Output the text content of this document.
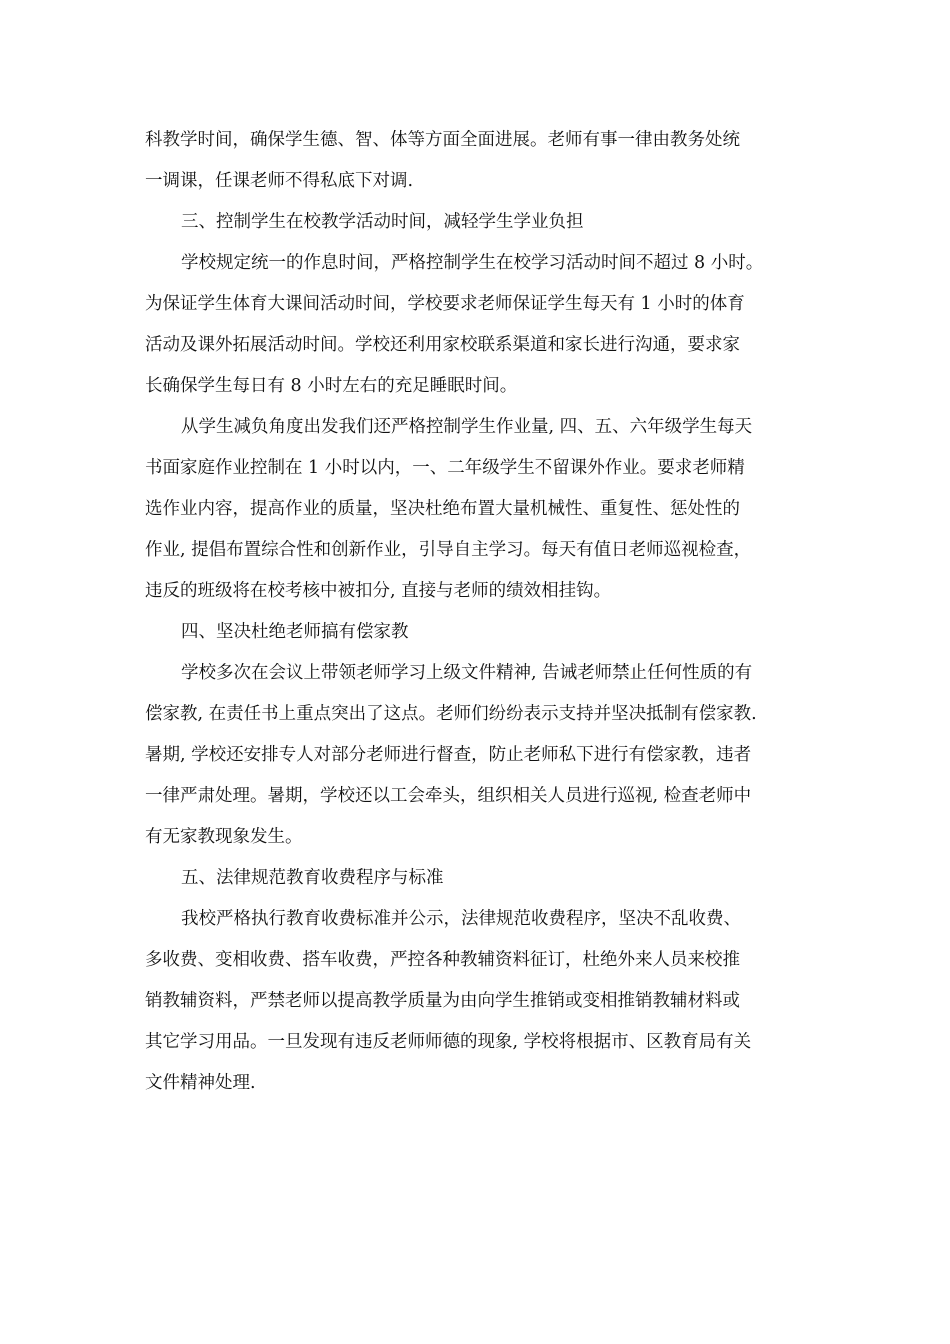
科教学时间，确保学生德、智、体等方面全面进展。老师有事一律由教务处统
一调课，任课老师不得私底下对调.
三、控制学生在校教学活动时间，减轻学生学业负担
学校规定统一的作息时间，严格控制学生在校学习活动时间不超过 8 小时。
为保证学生体育大课间活动时间，学校要求老师保证学生每天有 1 小时的体育
活动及课外拓展活动时间。学校还利用家校联系渠道和家长进行沟通，要求家
长确保学生每日有 8 小时左右的充足睡眠时间。
从学生减负角度出发我们还严格控制学生作业量, 四、五、六年级学生每天
书面家庭作业控制在 1 小时以内，一、二年级学生不留课外作业。要求老师精
选作业内容，提高作业的质量，坚决杜绝布置大量机械性、重复性、惩处性的
作业, 提倡布置综合性和创新作业，引导自主学习。每天有值日老师巡视检查，
违反的班级将在校考核中被扣分, 直接与老师的绩效相挂钩。
四、坚决杜绝老师搞有偿家教
学校多次在会议上带领老师学习上级文件精神, 告诫老师禁止任何性质的有
偿家教, 在责任书上重点突出了这点。老师们纷纷表示支持并坚决抵制有偿家教.
暑期, 学校还安排专人对部分老师进行督查，防止老师私下进行有偿家教，违者
一律严肃处理。暑期，学校还以工会牵头，组织相关人员进行巡视, 检查老师中
有无家教现象发生。
五、法律规范教育收费程序与标准
我校严格执行教育收费标准并公示，法律规范收费程序，坚决不乱收费、
多收费、变相收费、搭车收费，严控各种教辅资料征订，杜绝外来人员来校推
销教辅资料，严禁老师以提高教学质量为由向学生推销或变相推销教辅材料或
其它学习用品。一旦发现有违反老师师德的现象, 学校将根据市、区教育局有关
文件精神处理.
